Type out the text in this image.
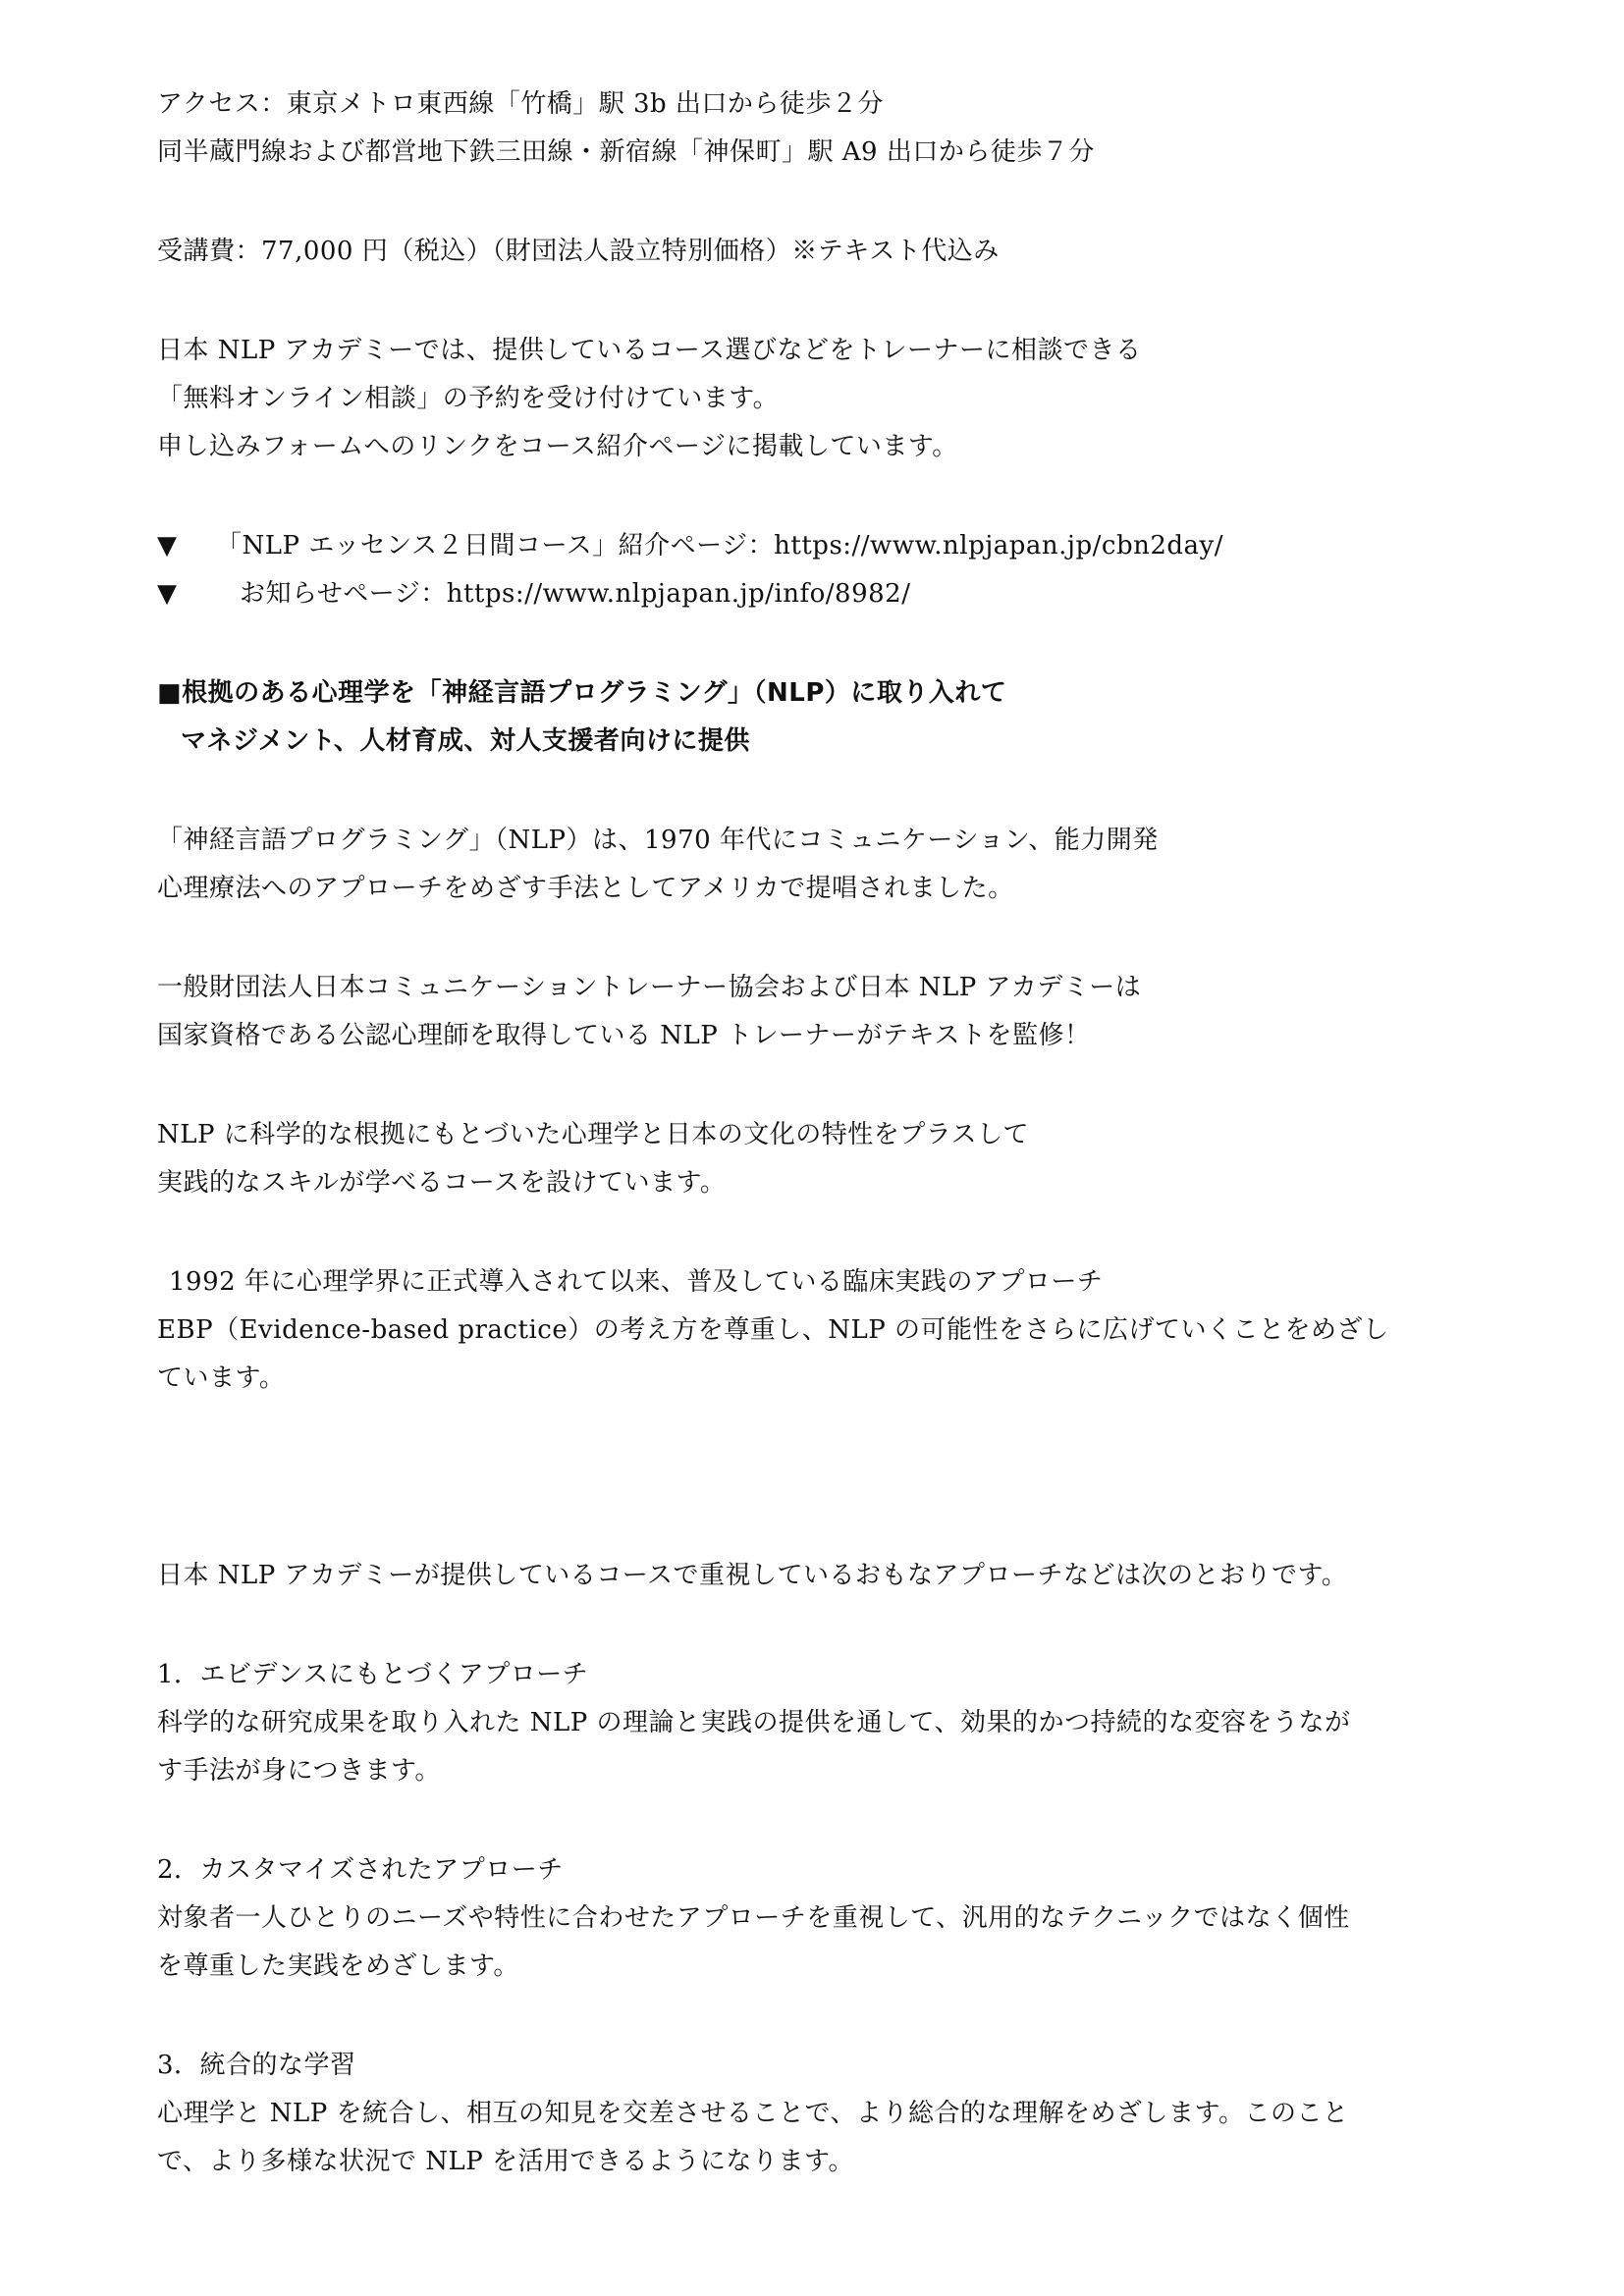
アクセス：東京メトロ東西線「竹橋」駅 3b 出口から徒歩２分
同半蔵門線および都営地下鉄三田線・新宿線「神保町」駅 A9 出口から徒歩７分
受講費：77,000 円（税込）（財団法人設立特別価格）※テキスト代込み
日本 NLP アカデミーでは、提供しているコース選びなどをトレーナーに相談できる
「無料オンライン相談」の予約を受け付けています。
申し込みフォームへのリンクをコース紹介ページに掲載しています。
▼ 「NLP エッセンス２日間コース」紹介ページ：https://www.nlpjapan.jp/cbn2day/
▼ お知らせページ：https://www.nlpjapan.jp/info/8982/
■根拠のある心理学を「神経言語プログラミング」（NLP）に取り入れて
マネジメント、人材育成、対人支援者向けに提供
「神経言語プログラミング」（NLP）は、1970 年代にコミュニケーション、能力開発
心理療法へのアプローチをめざす手法としてアメリカで提唱されました。
一般財団法人日本コミュニケーショントレーナー協会および日本 NLP アカデミーは
国家資格である公認心理師を取得している NLP トレーナーがテキストを監修！
NLP に科学的な根拠にもとづいた心理学と日本の文化の特性をプラスして
実践的なスキルが学べるコースを設けています。
1992 年に心理学界に正式導入されて以来、普及している臨床実践のアプローチ
EBP（Evidence-based practice）の考え方を尊重し、NLP の可能性をさらに広げていくことをめざし
ています。
日本 NLP アカデミーが提供しているコースで重視しているおもなアプローチなどは次のとおりです。
1．エビデンスにもとづくアプローチ
科学的な研究成果を取り入れた NLP の理論と実践の提供を通して、効果的かつ持続的な変容をうなが
す手法が身につきます。
2．カスタマイズされたアプローチ
対象者一人ひとりのニーズや特性に合わせたアプローチを重視して、汎用的なテクニックではなく個性
を尊重した実践をめざします。
3．統合的な学習
心理学と NLP を統合し、相互の知見を交差させることで、より総合的な理解をめざします。このこと
で、より多様な状況で NLP を活用できるようになります。
